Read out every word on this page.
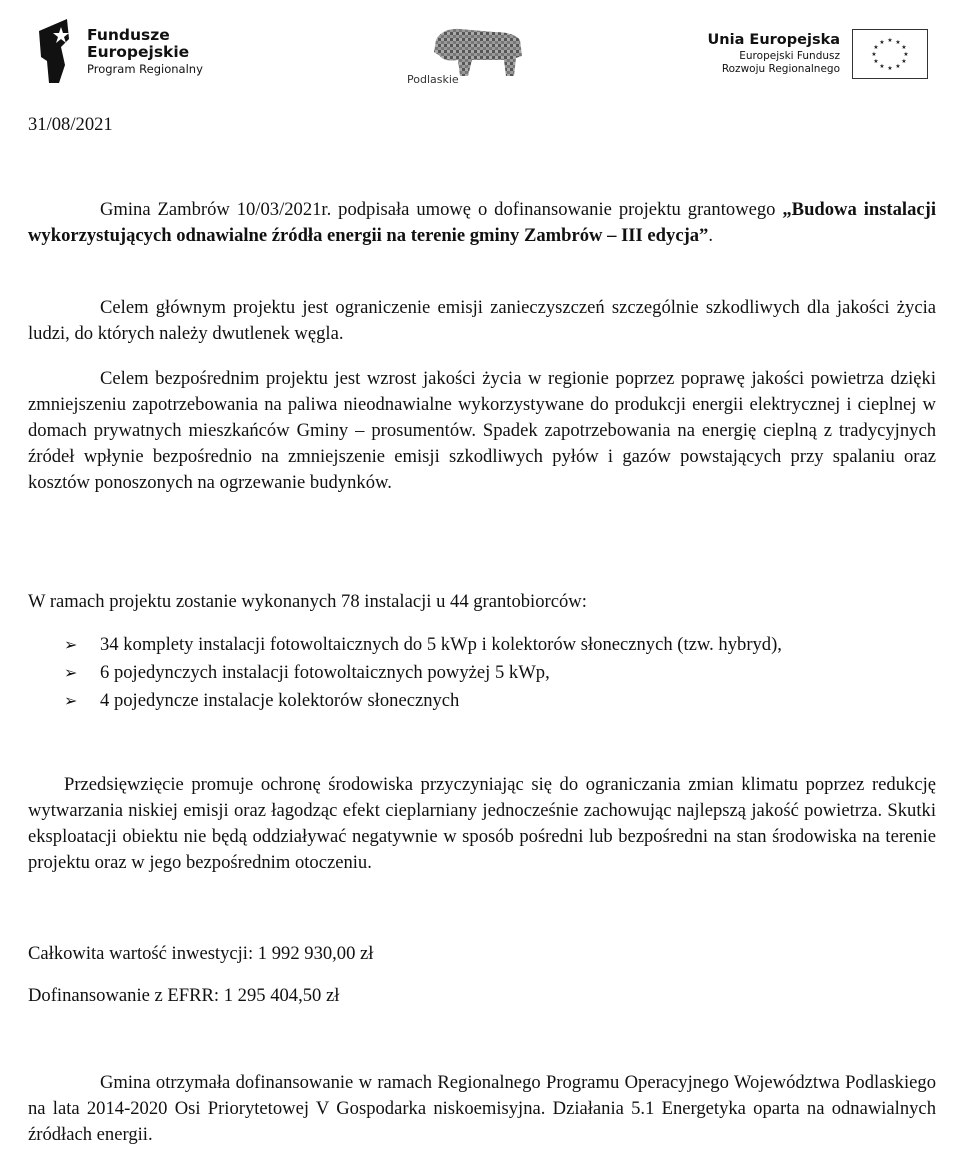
Fundusze
Europejskie
Program Regionalny
Podlaskie
Unia Europejska
Europejski Fundusz
Rozwoju Regionalnego
★ ★
★
★
★
★
★
★
★
★
★
★
31/08/2021
Gmina Zambrów 10/03/2021r. podpisała umowę o dofinansowanie projektu grantowego „Budowa instalacji wykorzystujących odnawialne źródła energii na terenie gminy Zambrów – III edycja”.
Celem głównym projektu jest ograniczenie emisji zanieczyszczeń szczególnie szkodliwych dla jakości życia ludzi, do których należy dwutlenek węgla.
Celem bezpośrednim projektu jest wzrost jakości życia w regionie poprzez poprawę jakości powietrza dzięki zmniejszeniu zapotrzebowania na paliwa nieodnawialne wykorzystywane do produkcji energii elektrycznej i cieplnej w domach prywatnych mieszkańców Gminy – prosumentów. Spadek zapotrzebowania na energię cieplną z tradycyjnych źródeł wpłynie bezpośrednio na zmniejszenie emisji szkodliwych pyłów i gazów powstających przy spalaniu oraz kosztów ponoszonych na ogrzewanie budynków.
W ramach projektu zostanie wykonanych 78 instalacji u 44 grantobiorców:
➢ 34 komplety instalacji fotowoltaicznych do 5 kWp i kolektorów słonecznych (tzw. hybryd),
➢ 6 pojedynczych instalacji fotowoltaicznych powyżej 5 kWp,
➢ 4 pojedyncze instalacje kolektorów słonecznych
Przedsięwzięcie promuje ochronę środowiska przyczyniając się do ograniczania zmian klimatu poprzez redukcję wytwarzania niskiej emisji oraz łagodząc efekt cieplarniany jednocześnie zachowując najlepszą jakość powietrza. Skutki eksploatacji obiektu nie będą oddziaływać negatywnie w sposób pośredni lub bezpośredni na stan środowiska na terenie projektu oraz w jego bezpośrednim otoczeniu.
Całkowita wartość inwestycji: 1 992 930,00 zł
Dofinansowanie z EFRR: 1 295 404,50 zł
Gmina otrzymała dofinansowanie w ramach Regionalnego Programu Operacyjnego Województwa Podlaskiego na lata 2014-2020 Osi Priorytetowej V Gospodarka niskoemisyjna. Działania 5.1 Energetyka oparta na odnawialnych źródłach energii.
